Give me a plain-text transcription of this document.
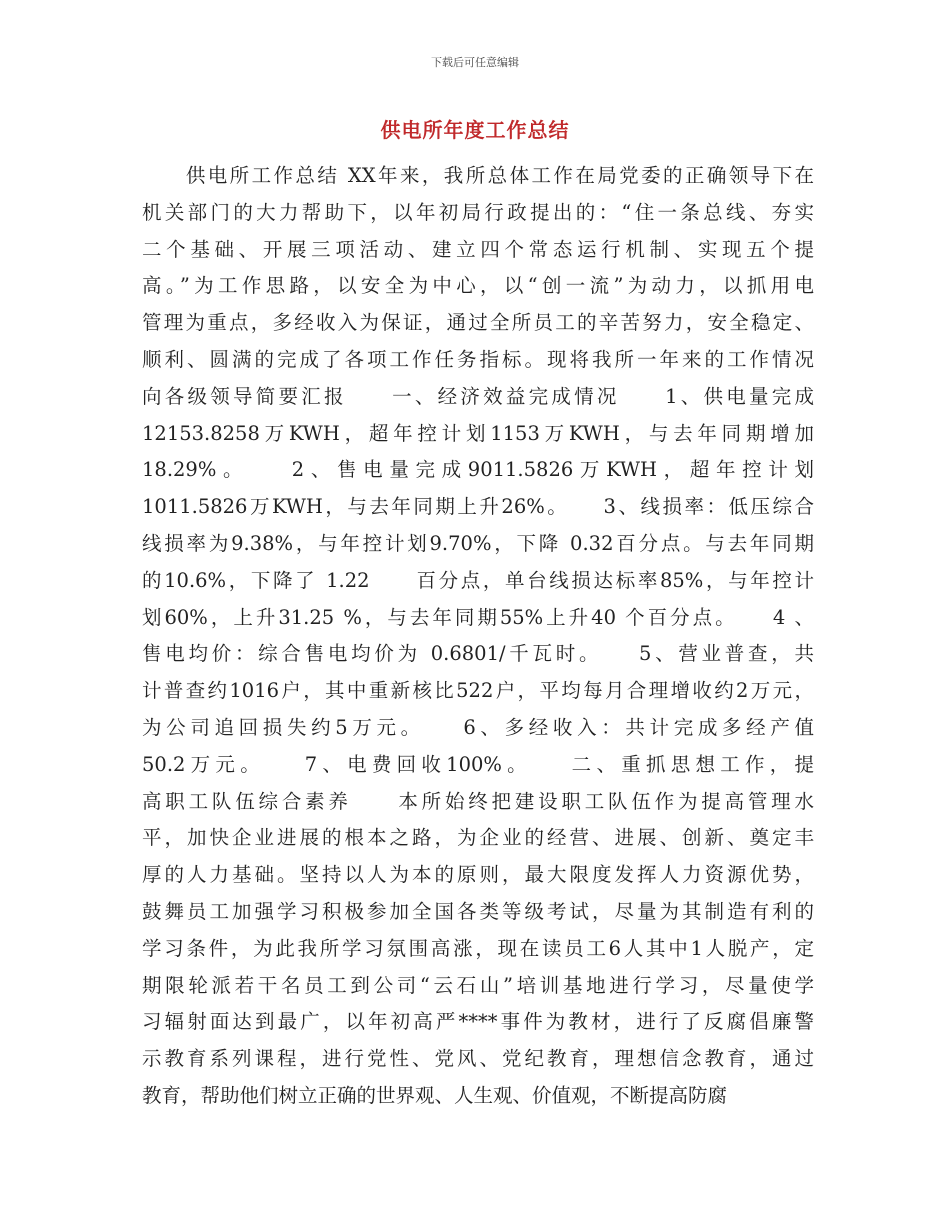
下载后可任意编辑
供电所年度工作总结
　　供电所工作总结 XX年来，我所总体工作在局党委的正确领导下在
机关部门的大力帮助下，以年初局行政提出的：“住一条总线、夯实
二个基础、开展三项活动、建立四个常态运行机制、实现五个提
高。”为工作思路，以安全为中心，以“创一流”为动力，以抓用电
管理为重点，多经收入为保证，通过全所员工的辛苦努力，安全稳定、
顺利、圆满的完成了各项工作任务指标。现将我所一年来的工作情况
向各级领导简要汇报　　一、经济效益完成情况　　1、供电量完成
12153.8258万KWH，超年控计划1153万KWH，与去年同期增加
18.29%。　　2、售电量完成9011.5826万KWH，超年控计划
1011.5826万KWH，与去年同期上升26%。　　3、线损率：低压综合
线损率为9.38%，与年控计划9.70%，下降 0.32百分点。与去年同期
的10.6%，下降了 1.22　　百分点，单台线损达标率85%，与年控计
划60%，上升31.25 %，与去年同期55%上升40 个百分点。　　4 、
售电均价：综合售电均价为 0.6801/千瓦时。　　5、营业普查，共
计普查约1016户，其中重新核比522户，平均每月合理增收约2万元，
为公司追回损失约5万元。　　6、多经收入：共计完成多经产值
50.2万元。　　7、电费回收100%。　　二、重抓思想工作，提
高职工队伍综合素养　　本所始终把建设职工队伍作为提高管理水
平，加快企业进展的根本之路，为企业的经营、进展、创新、奠定丰
厚的人力基础。坚持以人为本的原则，最大限度发挥人力资源优势，
鼓舞员工加强学习积极参加全国各类等级考试，尽量为其制造有利的
学习条件，为此我所学习氛围高涨，现在读员工6人其中1人脱产，定
期限轮派若干名员工到公司“云石山”培训基地进行学习，尽量使学
习辐射面达到最广，以年初高严****事件为教材，进行了反腐倡廉警
示教育系列课程，进行党性、党风、党纪教育，理想信念教育，通过
教育，帮助他们树立正确的世界观、人生观、价值观，不断提高防腐
